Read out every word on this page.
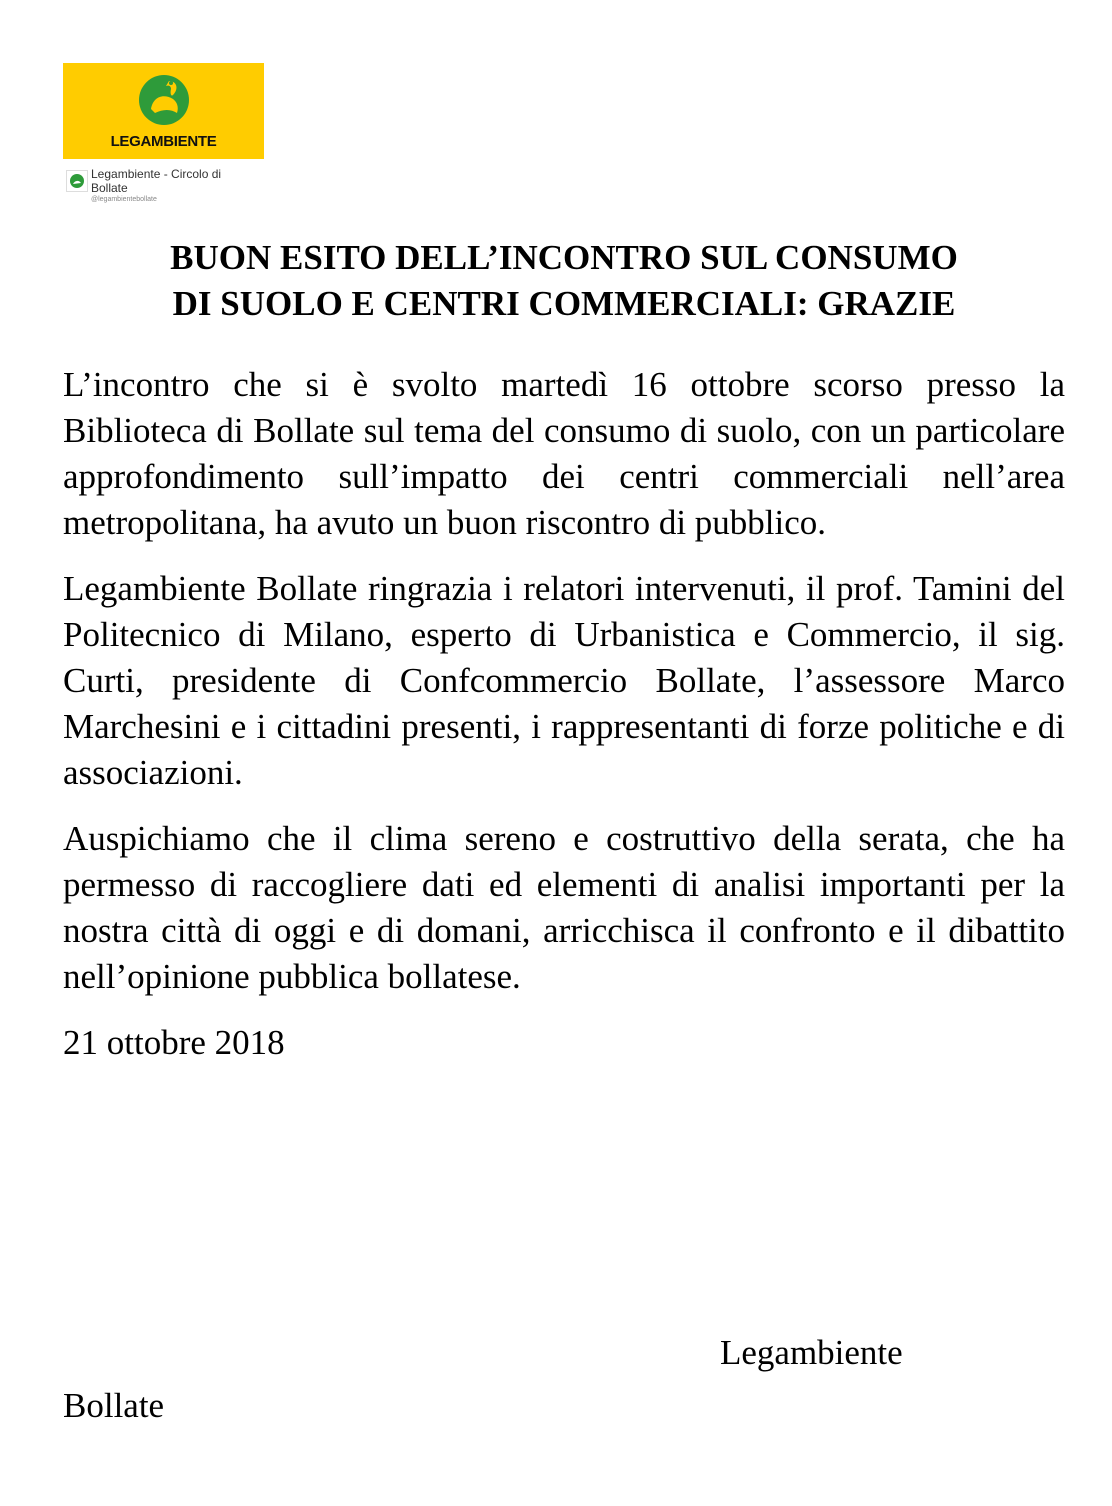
LEGAMBIENTE
Legambiente - Circolo di Bollate
@legambientebollate
BUON ESITO DELL’INCONTRO SUL CONSUMO
DI SUOLO E CENTRI COMMERCIALI: GRAZIE

L’incontro che si è svolto martedì 16 ottobre scorso presso la Biblioteca di Bollate sul tema del consumo di suolo, con un particolare approfondimento sull’impatto dei centri commerciali nell’area metropolitana, ha avuto un buon riscontro di pubblico.

Legambiente Bollate ringrazia i relatori intervenuti, il prof. Tamini del Politecnico di Milano, esperto di Urbanistica e Commercio, il sig. Curti, presidente di Confcommercio Bollate, l’assessore Marco Marchesini e i cittadini presenti, i rappresentanti di forze politiche e di associazioni.

Auspichiamo che il clima sereno e costruttivo della serata, che ha permesso di raccogliere dati ed elementi di analisi importanti per la nostra città di oggi e di domani, arricchisca il confronto e il dibattito nell’opinione pubblica bollatese.

21 ottobre 2018

Legambiente
Bollate
